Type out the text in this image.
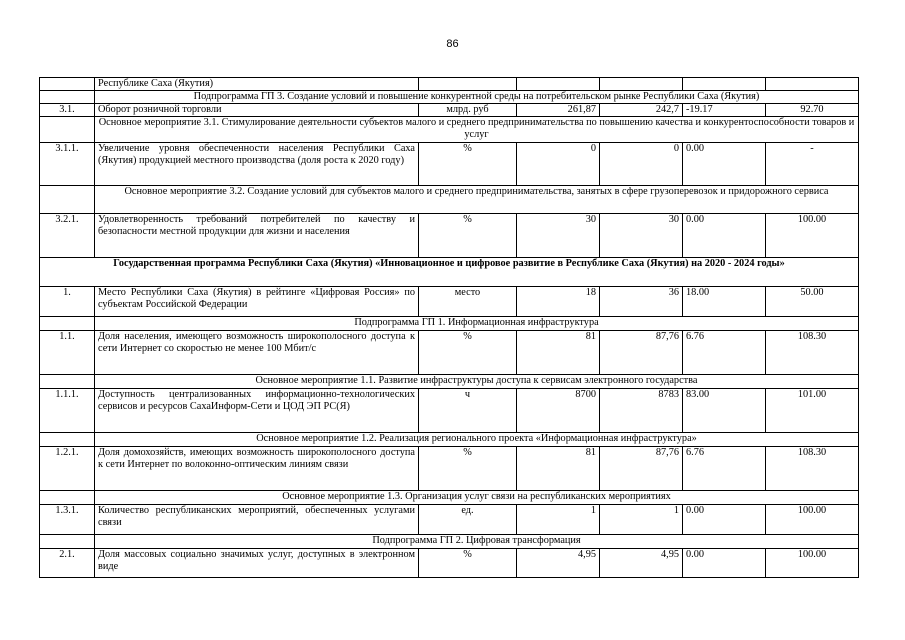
86
	Республике Саха (Якутия)					
	Подпрограмма ГП 3. Создание условий и повышение конкурентной среды на потребительском рынке Республики Саха (Якутия)					
3.1.	Оборот розничной торговли	млрд. руб	261,87	242,7	-19.17	92.70
	Основное мероприятие 3.1. Стимулирование деятельности субъектов малого и среднего предпринимательства по повышению качества и конкурентоспособности товаров и услуг					
3.1.1.	Увеличение уровня обеспеченности населения Республики Саха (Якутия) продукцией местного производства (доля роста к 2020 году)	%	0	0	0.00	-
	Основное мероприятие 3.2. Создание условий для субъектов малого и среднего предпринимательства, занятых в сфере грузоперевозок и придорожного сервиса					
3.2.1.	Удовлетворенность требований потребителей по качеству и безопасности местной продукции для жизни и населения	%	30	30	0.00	100.00
Государственная программа Республики Саха (Якутия) «Инновационное и цифровое развитие в Республике Саха (Якутия) на 2020 - 2024 годы»						
1.	Место Республики Саха (Якутия) в рейтинге «Цифровая Россия» по субъектам Российской Федерации	место	18	36	18.00	50.00
	Подпрограмма ГП 1. Информационная инфраструктура					
1.1.	Доля населения, имеющего возможность широкополосного доступа к сети Интернет со скоростью не менее 100 Мбит/с	%	81	87,76	6.76	108.30
	Основное мероприятие 1.1. Развитие инфраструктуры доступа к сервисам электронного государства					
1.1.1.	Доступность централизованных информационно-технологических сервисов и ресурсов СахаИнформ-Сети и ЦОД ЭП РС(Я)	ч	8700	8783	83.00	101.00
	Основное мероприятие 1.2. Реализация регионального проекта «Информационная инфраструктура»					
1.2.1.	Доля домохозяйств, имеющих возможность широкополосного доступа к сети Интернет по волоконно-оптическим линиям связи	%	81	87,76	6.76	108.30
	Основное мероприятие 1.3. Организация услуг связи на республиканских мероприятиях					
1.3.1.	Количество республиканских мероприятий, обеспеченных услугами связи	ед.	1	1	0.00	100.00
	Подпрограмма ГП 2. Цифровая трансформация					
2.1.	Доля массовых социально значимых услуг, доступных в электронном виде	%	4,95	4,95	0.00	100.00
